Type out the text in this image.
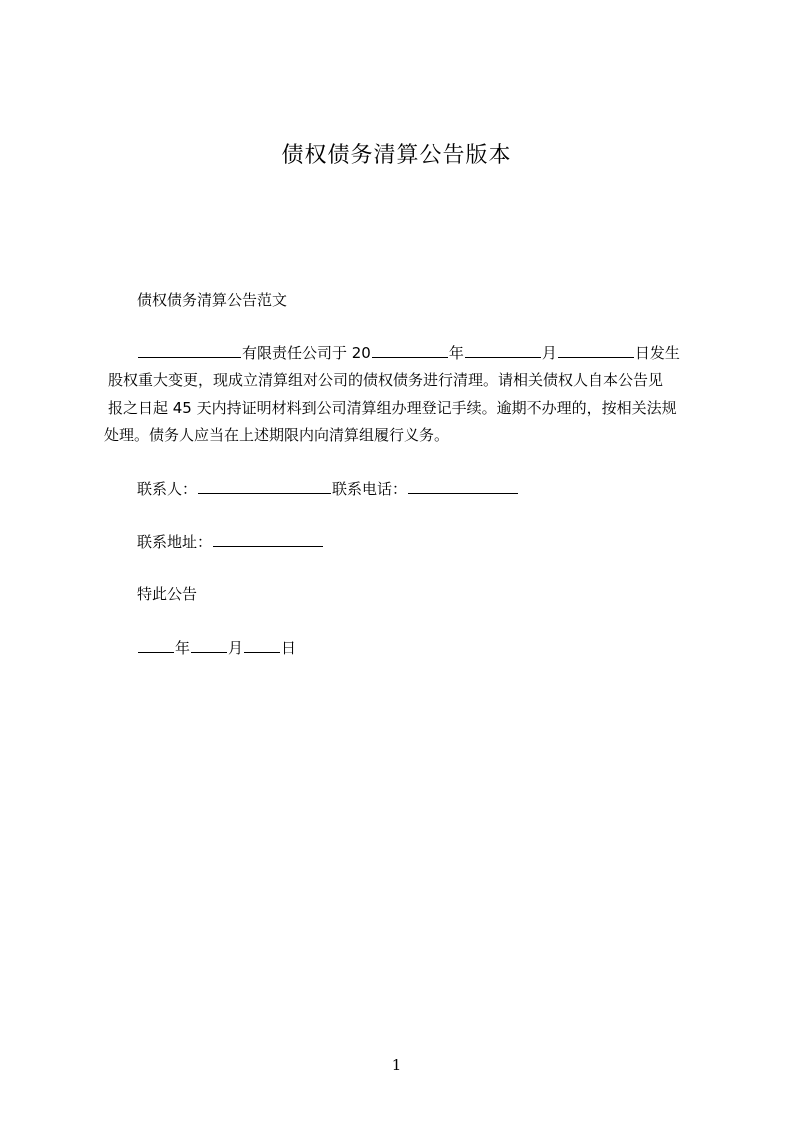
债权债务清算公告版本
债权债务清算公告范文
有限责任公司于 20	年	月	日发生
股权重大变更，现成立清算组对公司的债权债务进行清理。请相关债权人自本公告见
报之日起 45 天内持证明材料到公司清算组办理登记手续。逾期不办理的，按相关法规
处理。债务人应当在上述期限内向清算组履行义务。
联系人：	联系电话：
联系地址：
特此公告
年	月	日
1
